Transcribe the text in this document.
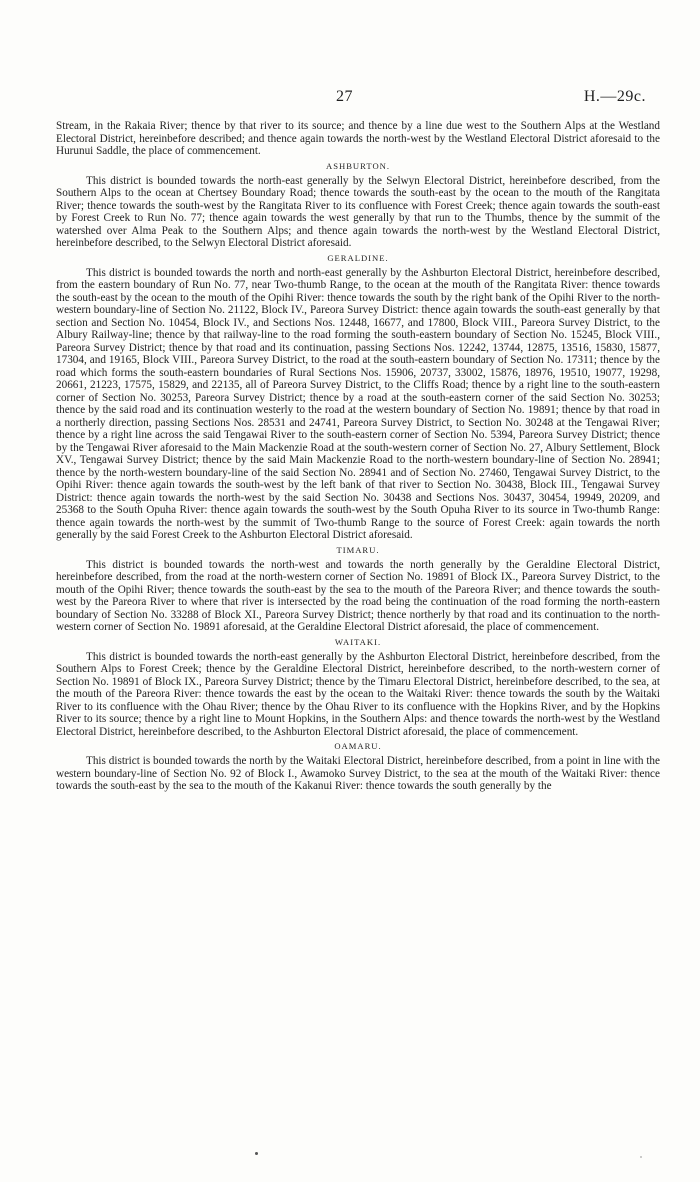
27	H.—29c.

Stream, in the Rakaia River; thence by that river to its source; and thence by a line due west to the Southern Alps at the Westland Electoral District, hereinbefore described; and thence again towards the north-west by the Westland Electoral District aforesaid to the Hurunui Saddle, the place of commencement.

ASHBURTON.

This district is bounded towards the north-east generally by the Selwyn Electoral District, hereinbefore described, from the Southern Alps to the ocean at Chertsey Boundary Road; thence towards the south-east by the ocean to the mouth of the Rangitata River; thence towards the south-west by the Rangitata River to its confluence with Forest Creek; thence again towards the south-east by Forest Creek to Run No. 77; thence again towards the west generally by that run to the Thumbs, thence by the summit of the watershed over Alma Peak to the Southern Alps; and thence again towards the north-west by the Westland Electoral District, hereinbefore described, to the Selwyn Electoral District aforesaid.

GERALDINE.

This district is bounded towards the north and north-east generally by the Ashburton Electoral District, hereinbefore described, from the eastern boundary of Run No. 77, near Two-thumb Range, to the ocean at the mouth of the Rangitata River: thence towards the south-east by the ocean to the mouth of the Opihi River: thence towards the south by the right bank of the Opihi River to the north-western boundary-line of Section No. 21122, Block IV., Pareora Survey District: thence again towards the south-east generally by that section and Section No. 10454, Block IV., and Sections Nos. 12448, 16677, and 17800, Block VIII., Pareora Survey District, to the Albury Railway-line; thence by that railway-line to the road forming the south-eastern boundary of Section No. 15245, Block VIII., Pareora Survey District; thence by that road and its continuation, passing Sections Nos. 12242, 13744, 12875, 13516, 15830, 15877, 17304, and 19165, Block VIII., Pareora Survey District, to the road at the south-eastern boundary of Section No. 17311; thence by the road which forms the south-eastern boundaries of Rural Sections Nos. 15906, 20737, 33002, 15876, 18976, 19510, 19077, 19298, 20661, 21223, 17575, 15829, and 22135, all of Pareora Survey District, to the Cliffs Road; thence by a right line to the south-eastern corner of Section No. 30253, Pareora Survey District; thence by a road at the south-eastern corner of the said Section No. 30253; thence by the said road and its continuation westerly to the road at the western boundary of Section No. 19891; thence by that road in a northerly direction, passing Sections Nos. 28531 and 24741, Pareora Survey District, to Section No. 30248 at the Tengawai River; thence by a right line across the said Tengawai River to the south-eastern corner of Section No. 5394, Pareora Survey District; thence by the Tengawai River aforesaid to the Main Mackenzie Road at the south-western corner of Section No. 27, Albury Settlement, Block XV., Tengawai Survey District; thence by the said Main Mackenzie Road to the north-western boundary-line of Section No. 28941; thence by the north-western boundary-line of the said Section No. 28941 and of Section No. 27460, Tengawai Survey District, to the Opihi River: thence again towards the south-west by the left bank of that river to Section No. 30438, Block III., Tengawai Survey District: thence again towards the north-west by the said Section No. 30438 and Sections Nos. 30437, 30454, 19949, 20209, and 25368 to the South Opuha River: thence again towards the south-west by the South Opuha River to its source in Two-thumb Range: thence again towards the north-west by the summit of Two-thumb Range to the source of Forest Creek: again towards the north generally by the said Forest Creek to the Ashburton Electoral District aforesaid.

TIMARU.

This district is bounded towards the north-west and towards the north generally by the Geraldine Electoral District, hereinbefore described, from the road at the north-western corner of Section No. 19891 of Block IX., Pareora Survey District, to the mouth of the Opihi River; thence towards the south-east by the sea to the mouth of the Pareora River; and thence towards the south-west by the Pareora River to where that river is intersected by the road being the continuation of the road forming the north-eastern boundary of Section No. 33288 of Block XI., Pareora Survey District; thence northerly by that road and its continuation to the north-western corner of Section No. 19891 aforesaid, at the Geraldine Electoral District aforesaid, the place of commencement.

WAITAKI.

This district is bounded towards the north-east generally by the Ashburton Electoral District, hereinbefore described, from the Southern Alps to Forest Creek; thence by the Geraldine Electoral District, hereinbefore described, to the north-western corner of Section No. 19891 of Block IX., Pareora Survey District; thence by the Timaru Electoral District, hereinbefore described, to the sea, at the mouth of the Pareora River: thence towards the east by the ocean to the Waitaki River: thence towards the south by the Waitaki River to its confluence with the Ohau River; thence by the Ohau River to its confluence with the Hopkins River, and by the Hopkins River to its source; thence by a right line to Mount Hopkins, in the Southern Alps: and thence towards the north-west by the Westland Electoral District, hereinbefore described, to the Ashburton Electoral District aforesaid, the place of commencement.

OAMARU.

This district is bounded towards the north by the Waitaki Electoral District, hereinbefore described, from a point in line with the western boundary-line of Section No. 92 of Block I., Awamoko Survey District, to the sea at the mouth of the Waitaki River: thence towards the south-east by the sea to the mouth of the Kakanui River: thence towards the south generally by the
